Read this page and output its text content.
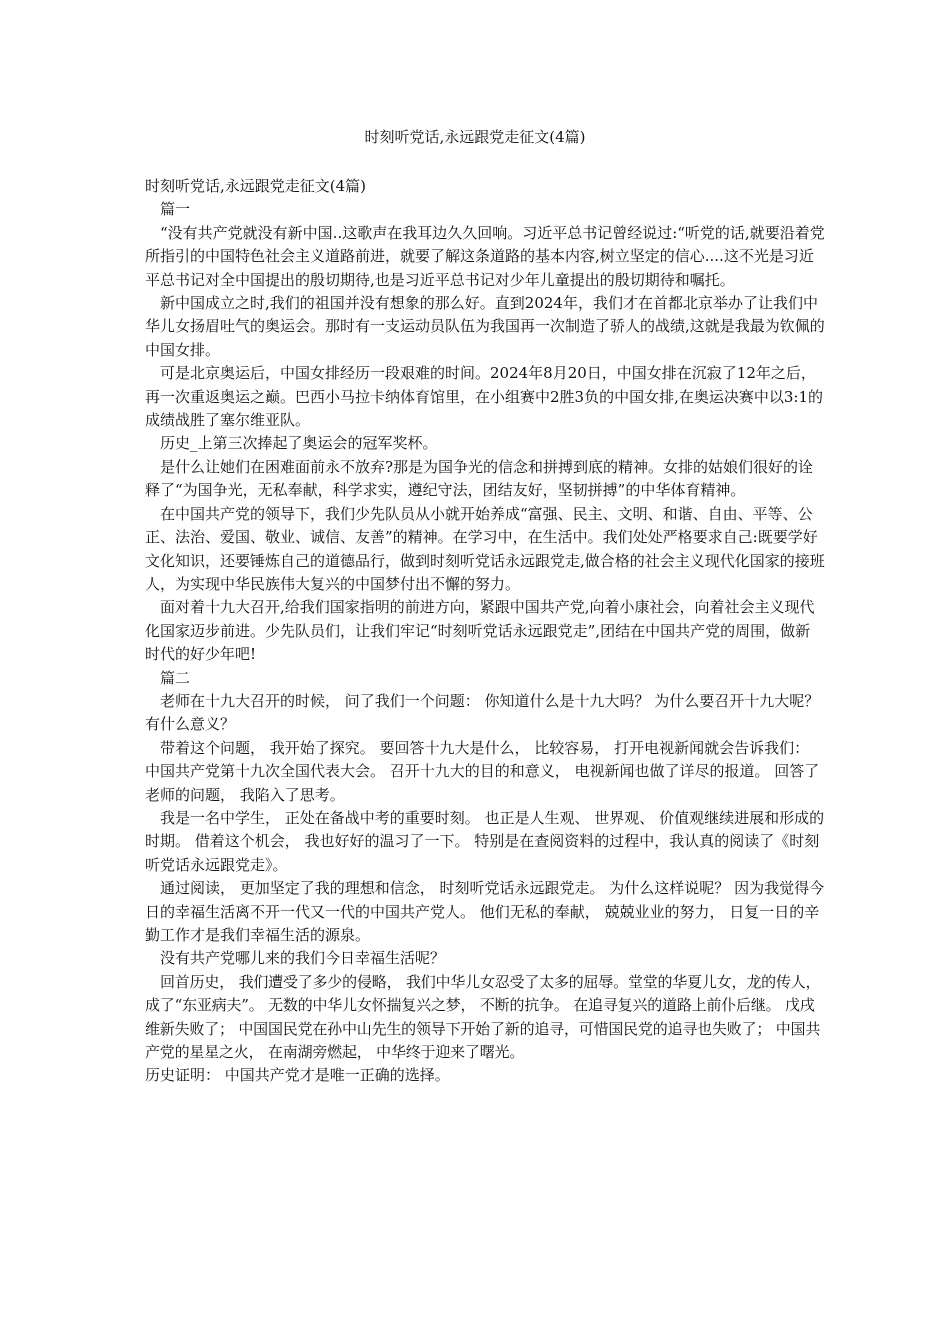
时刻听党话,永远跟党走征文(4篇)

时刻听党话,永远跟党走征文(4篇)

篇一

“没有共产党就没有新中国..这歌声在我耳边久久回响。习近平总书记曾经说过:“听党的话,就要沿着党所指引的中国特色社会主义道路前进，就要了解这条道路的基本内容,树立坚定的信心....这不光是习近平总书记对全中国提出的殷切期待,也是习近平总书记对少年儿童提出的殷切期待和嘱托。

新中国成立之时,我们的祖国并没有想象的那么好。直到2024年，我们才在首都北京举办了让我们中华儿女扬眉吐气的奥运会。那时有一支运动员队伍为我国再一次制造了骄人的战绩,这就是我最为钦佩的中国女排。

可是北京奥运后，中国女排经历一段艰难的时间。2024年8月20日，中国女排在沉寂了12年之后，再一次重返奥运之巅。巴西小马拉卡纳体育馆里，在小组赛中2胜3负的中国女排,在奥运决赛中以3:1的成绩战胜了塞尔维亚队。

历史_上第三次捧起了奥运会的冠军奖杯。

是什么让她们在困难面前永不放弃?那是为国争光的信念和拼搏到底的精神。女排的姑娘们很好的诠释了“为国争光，无私奉献，科学求实，遵纪守法，团结友好，坚韧拼搏”的中华体育精神。

在中国共产党的领导下，我们少先队员从小就开始养成“富强、民主、文明、和谐、自由、平等、公正、法治、爱国、敬业、诚信、友善”的精神。在学习中，在生活中。我们处处严格要求自己:既要学好文化知识，还要锤炼自己的道德品行，做到时刻听党话永远跟党走,做合格的社会主义现代化国家的接班人，为实现中华民族伟大复兴的中国梦付出不懈的努力。

面对着十九大召开,给我们国家指明的前进方向，紧跟中国共产党,向着小康社会，向着社会主义现代化国家迈步前进。少先队员们，让我们牢记“时刻听党话永远跟党走”,团结在中国共产党的周围，做新时代的好少年吧!

篇二

老师在十九大召开的时候， 问了我们一个问题： 你知道什么是十九大吗？ 为什么要召开十九大呢？ 有什么意义？

带着这个问题， 我开始了探究。 要回答十九大是什么， 比较容易， 打开电视新闻就会告诉我们： 中国共产党第十九次全国代表大会。 召开十九大的目的和意义， 电视新闻也做了详尽的报道。 回答了老师的问题， 我陷入了思考。

我是一名中学生， 正处在备战中考的重要时刻。 也正是人生观、 世界观、 价值观继续进展和形成的时期。 借着这个机会， 我也好好的温习了一下。 特别是在查阅资料的过程中，我认真的阅读了《时刻听党话永远跟党走》。

通过阅读， 更加坚定了我的理想和信念， 时刻听党话永远跟党走。 为什么这样说呢？ 因为我觉得今日的幸福生活离不开一代又一代的中国共产党人。 他们无私的奉献， 兢兢业业的努力， 日复一日的辛勤工作才是我们幸福生活的源泉。

没有共产党哪儿来的我们今日幸福生活呢？

回首历史， 我们遭受了多少的侵略， 我们中华儿女忍受了太多的屈辱。堂堂的华夏儿女，龙的传人， 成了“东亚病夫”。 无数的中华儿女怀揣复兴之梦， 不断的抗争。 在追寻复兴的道路上前仆后继。 戊戌维新失败了； 中国国民党在孙中山先生的领导下开始了新的追寻，可惜国民党的追寻也失败了； 中国共产党的星星之火， 在南湖旁燃起， 中华终于迎来了曙光。

历史证明： 中国共产党才是唯一正确的选择。
